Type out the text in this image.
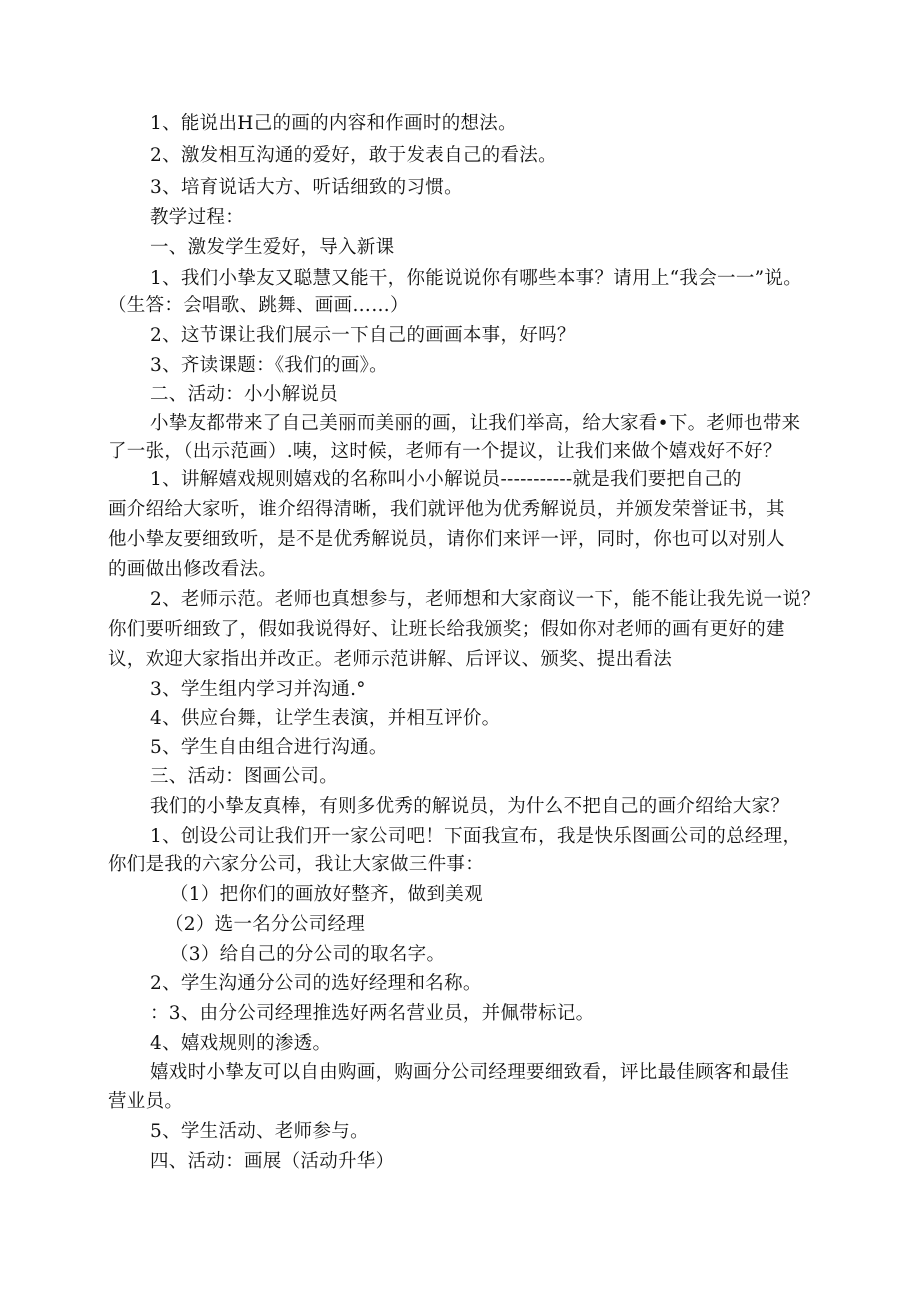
1、能说出H己的画的内容和作画时的想法。
2、激发相互沟通的爱好，敢于发表自己的看法。
3、培育说话大方、听话细致的习惯。
教学过程：
一、激发学生爱好，导入新课
1、我们小挚友又聪慧又能干，你能说说你有哪些本事？请用上“我会一一”说。
（生答：会唱歌、跳舞、画画……）
2、这节课让我们展示一下自己的画画本事，好吗？
3、齐读课题：《我们的画》。
二、活动：小小解说员
小挚友都带来了自己美丽而美丽的画，让我们举高，给大家看•下。老师也带来
了一张，（出示范画）.咦，这时候，老师有一个提议，让我们来做个嬉戏好不好？
1、讲解嬉戏规则嬉戏的名称叫小小解说员-----------就是我们要把自己的
画介绍给大家听，谁介绍得清晰，我们就评他为优秀解说员，并颁发荣誉证书，其
他小挚友要细致听，是不是优秀解说员，请你们来评一评，同时，你也可以对别人
的画做出修改看法。
2、老师示范。老师也真想参与，老师想和大家商议一下，能不能让我先说一说？
你们要听细致了，假如我说得好、让班长给我颁奖；假如你对老师的画有更好的建
议，欢迎大家指出并改正。老师示范讲解、后评议、颁奖、提出看法
3、学生组内学习并沟通.°
4、供应台舞，让学生表演，并相互评价。
5、学生自由组合进行沟通。
三、活动：图画公司。
我们的小挚友真棒，有则多优秀的解说员，为什么不把自己的画介绍给大家？
1、创设公司让我们开一家公司吧！下面我宣布，我是快乐图画公司的总经理，
你们是我的六家分公司，我让大家做三件事：
（1）把你们的画放好整齐，做到美观
（2）选一名分公司经理
（3）给自己的分公司的取名字。
2、学生沟通分公司的选好经理和名称。
：3、由分公司经理推选好两名营业员，并佩带标记。
4、嬉戏规则的渗透。
嬉戏时小挚友可以自由购画，购画分公司经理要细致看，评比最佳顾客和最佳
营业员。
5、学生活动、老师参与。
四、活动：画展（活动升华）
